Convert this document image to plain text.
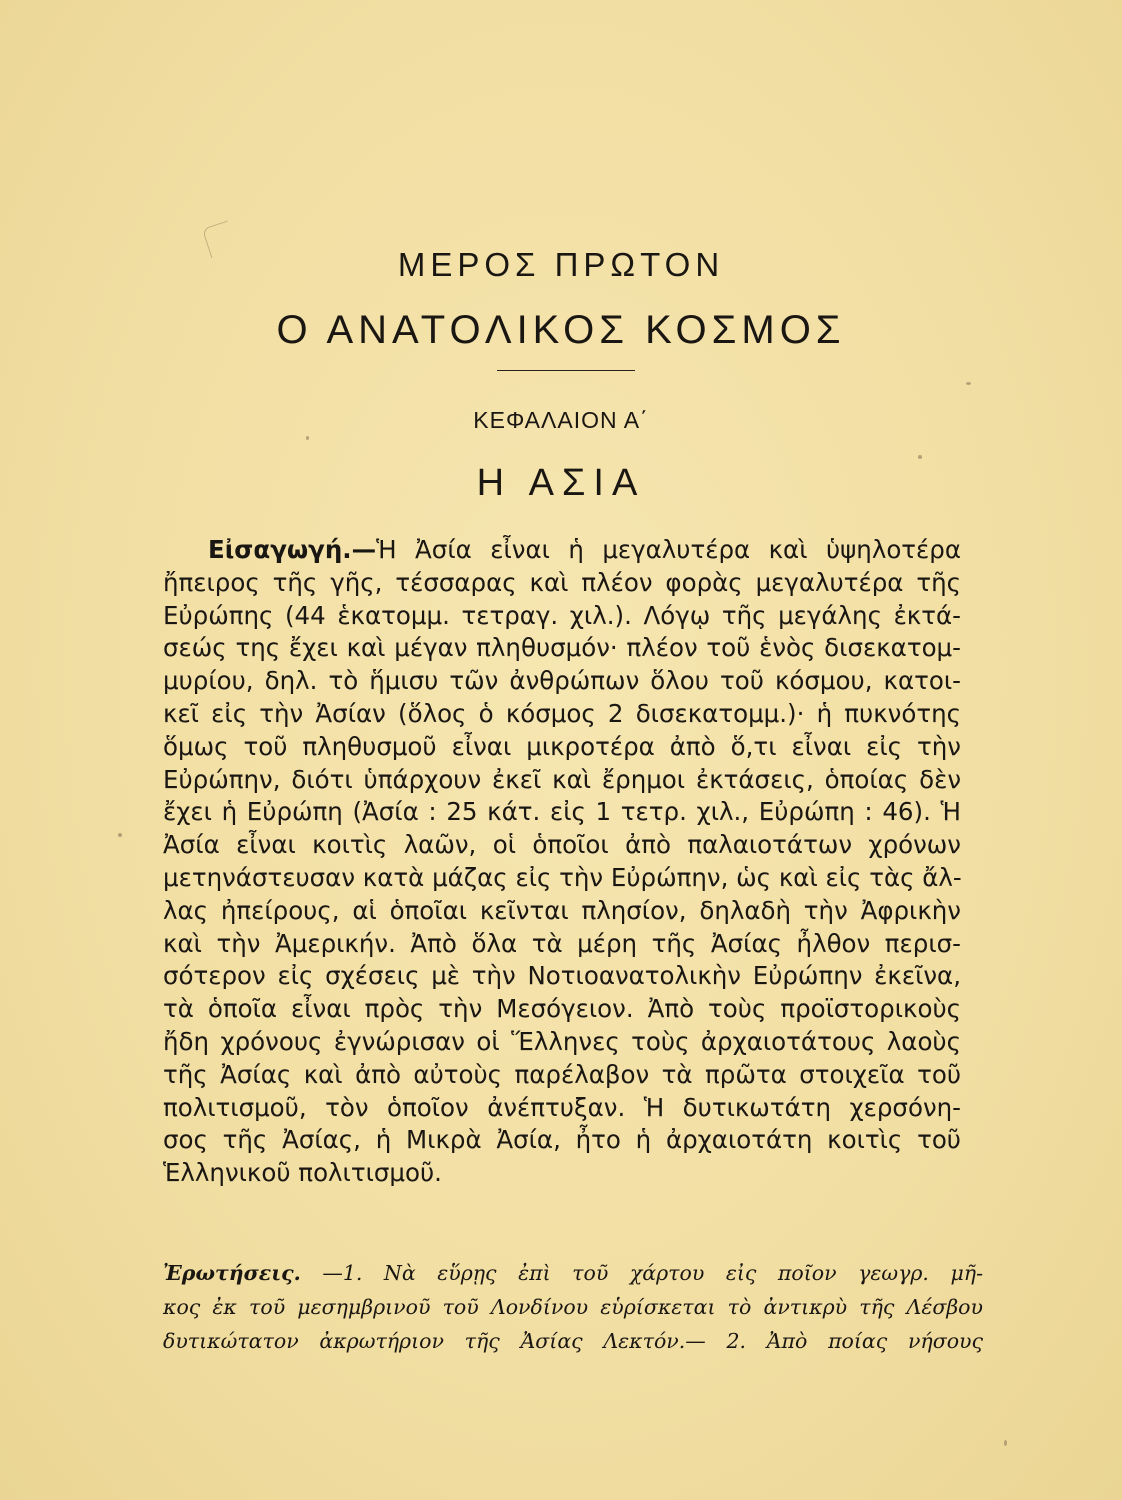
ΜΕΡΟΣ ΠΡΩΤΟΝ
Ο ΑΝΑΤΟΛΙΚΟΣ ΚΟΣΜΟΣ
ΚΕΦΑΛΑΙΟΝ Α΄
Η ΑΣΙΑ
Εἰσαγωγή.—Ἡ Ἀσία εἶναι ἡ μεγαλυτέρα καὶ ὑψηλοτέρα
ἤπειρος τῆς γῆς, τέσσαρας καὶ πλέον φορὰς μεγαλυτέρα τῆς
Εὐρώπης (44 ἑκατομμ. τετραγ. χιλ.). Λόγῳ τῆς μεγάλης ἐκτά-
σεώς της ἔχει καὶ μέγαν πληθυσμόν· πλέον τοῦ ἑνὸς δισεκατομ-
μυρίου, δηλ. τὸ ἥμισυ τῶν ἀνθρώπων ὅλου τοῦ κόσμου, κατοι-
κεῖ εἰς τὴν Ἀσίαν (ὅλος ὁ κόσμος 2 δισεκατομμ.)· ἡ πυκνότης
ὅμως τοῦ πληθυσμοῦ εἶναι μικροτέρα ἀπὸ ὅ,τι εἶναι εἰς τὴν
Εὐρώπην, διότι ὑπάρχουν ἐκεῖ καὶ ἔρημοι ἐκτάσεις, ὁποίας δὲν
ἔχει ἡ Εὐρώπη (Ἀσία : 25 κάτ. εἰς 1 τετρ. χιλ., Εὐρώπη : 46). Ἡ
Ἀσία εἶναι κοιτὶς λαῶν, οἱ ὁποῖοι ἀπὸ παλαιοτάτων χρόνων
μετηνάστευσαν κατὰ μάζας εἰς τὴν Εὐρώπην, ὡς καὶ εἰς τὰς ἄλ-
λας ἠπείρους, αἱ ὁποῖαι κεῖνται πλησίον, δηλαδὴ τὴν Ἀφρικὴν
καὶ τὴν Ἀμερικήν. Ἀπὸ ὅλα τὰ μέρη τῆς Ἀσίας ἦλθον περισ-
σότερον εἰς σχέσεις μὲ τὴν Νοτιοανατολικὴν Εὐρώπην ἐκεῖνα,
τὰ ὁποῖα εἶναι πρὸς τὴν Μεσόγειον. Ἀπὸ τοὺς προϊστορικοὺς
ἤδη χρόνους ἐγνώρισαν οἱ Ἕλληνες τοὺς ἀρχαιοτάτους λαοὺς
τῆς Ἀσίας καὶ ἀπὸ αὐτοὺς παρέλαβον τὰ πρῶτα στοιχεῖα τοῦ
πολιτισμοῦ, τὸν ὁποῖον ἀνέπτυξαν. Ἡ δυτικωτάτη χερσόνη-
σος τῆς Ἀσίας, ἡ Μικρὰ Ἀσία, ἦτο ἡ ἀρχαιοτάτη κοιτὶς τοῦ
Ἑλληνικοῦ πολιτισμοῦ.
Ἐρωτήσεις. —1. Νὰ εὕρῃς ἐπὶ τοῦ χάρτου εἰς ποῖον γεωγρ. μῆ-
κος ἐκ τοῦ μεσημβρινοῦ τοῦ Λονδίνου εὑρίσκεται τὸ ἀντικρὺ τῆς Λέσβου
δυτικώτατον ἀκρωτήριον τῆς Ἀσίας Λεκτόν.— 2. Ἀπὸ ποίας νήσους
